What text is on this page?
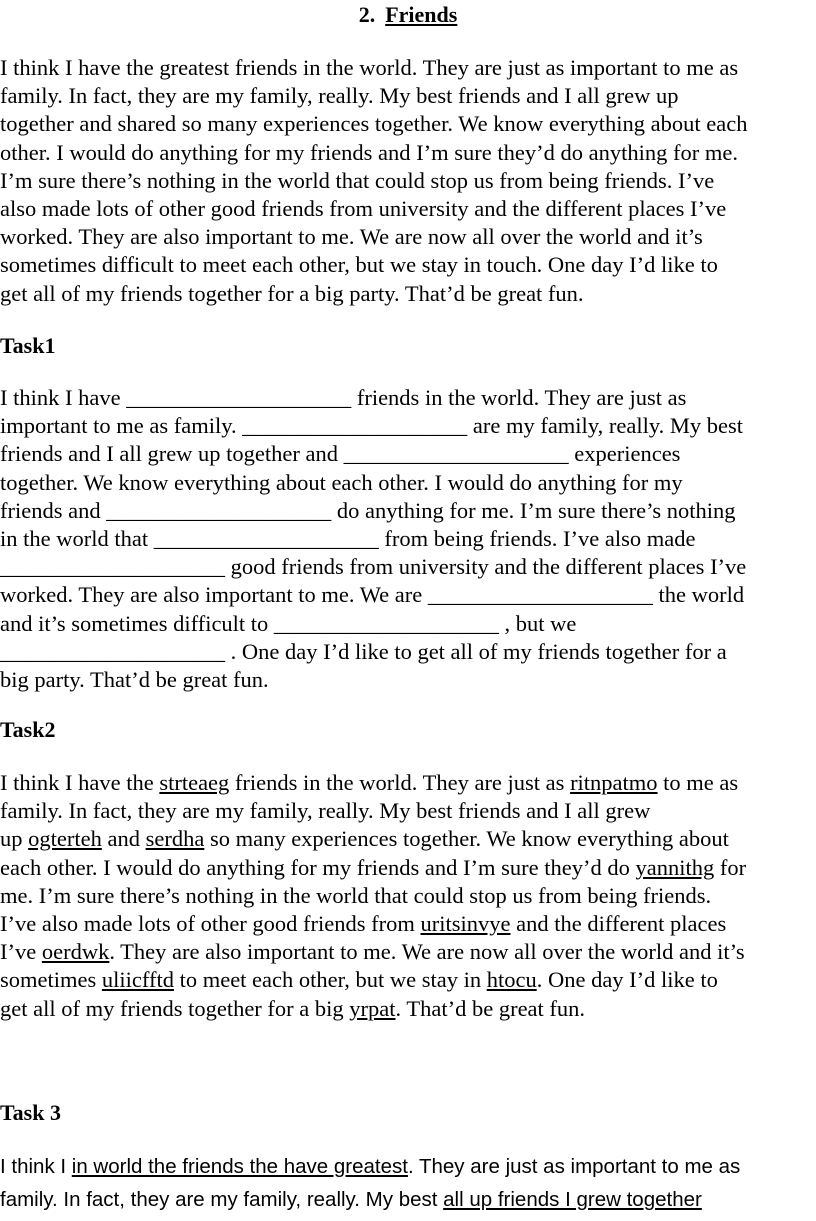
2. Friends
I think I have the greatest friends in the world. They are just as important to me as
family. In fact, they are my family, really. My best friends and I all grew up
together and shared so many experiences together. We know everything about each
other. I would do anything for my friends and I’m sure they’d do anything for me.
I’m sure there’s nothing in the world that could stop us from being friends. I’ve
also made lots of other good friends from university and the different places I’ve
worked. They are also important to me. We are now all over the world and it’s
sometimes difficult to meet each other, but we stay in touch. One day I’d like to
get all of my friends together for a big party. That’d be great fun.
Task1
I think I have ____________________ friends in the world. They are just as
important to me as family. ____________________ are my family, really. My best
friends and I all grew up together and ____________________ experiences
together. We know everything about each other. I would do anything for my
friends and ____________________ do anything for me. I’m sure there’s nothing
in the world that ____________________ from being friends. I’ve also made
____________________ good friends from university and the different places I’ve
worked. They are also important to me. We are ____________________ the world
and it’s sometimes difficult to ____________________ , but we
____________________ . One day I’d like to get all of my friends together for a
big party. That’d be great fun.
Task2
I think I have the strteaeg friends in the world. They are just as ritnpatmo to me as
family. In fact, they are my family, really. My best friends and I all grew
up ogterteh and serdha so many experiences together. We know everything about
each other. I would do anything for my friends and I’m sure they’d do yannithg for
me. I’m sure there’s nothing in the world that could stop us from being friends.
I’ve also made lots of other good friends from uritsinvye and the different places
I’ve oerdwk. They are also important to me. We are now all over the world and it’s
sometimes uliicfftd to meet each other, but we stay in htocu. One day I’d like to
get all of my friends together for a big yrpat. That’d be great fun.
Task 3
I think I in world the friends the have greatest. They are just as important to me as
family. In fact, they are my family, really. My best all up friends I grew together
